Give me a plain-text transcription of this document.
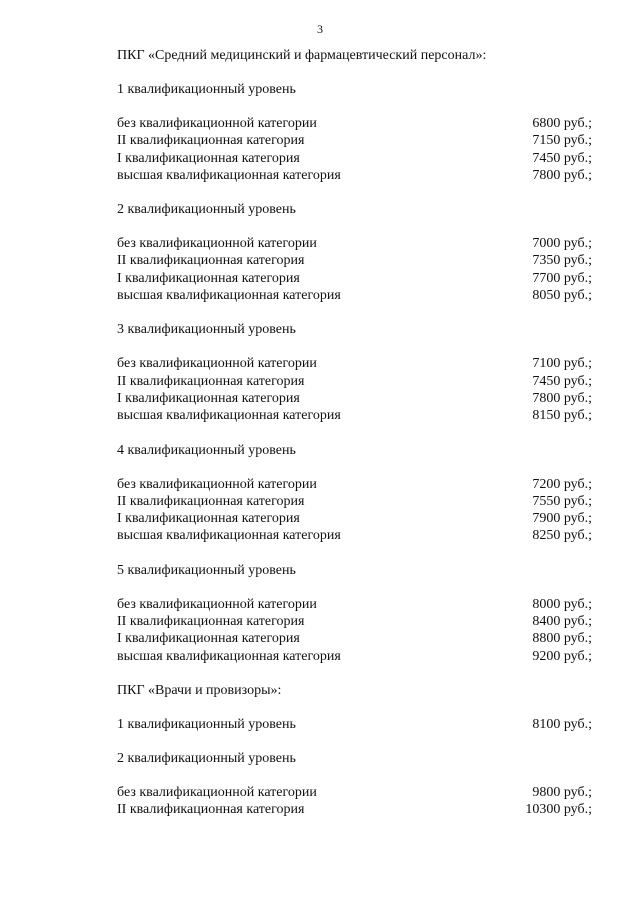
3
ПКГ «Средний медицинский и фармацевтический персонал»:
1 квалификационный уровень
без квалификационной категории	6800 руб.;
II квалификационная категория	7150 руб.;
I квалификационная категория	7450 руб.;
высшая квалификационная категория	7800 руб.;
2 квалификационный уровень
без квалификационной категории	7000 руб.;
II квалификационная категория	7350 руб.;
I квалификационная категория	7700 руб.;
высшая квалификационная категория	8050 руб.;
3 квалификационный уровень
без квалификационной категории	7100 руб.;
II квалификационная категория	7450 руб.;
I квалификационная категория	7800 руб.;
высшая квалификационная категория	8150 руб.;
4 квалификационный уровень
без квалификационной категории	7200 руб.;
II квалификационная категория	7550 руб.;
I квалификационная категория	7900 руб.;
высшая квалификационная категория	8250 руб.;
5 квалификационный уровень
без квалификационной категории	8000 руб.;
II квалификационная категория	8400 руб.;
I квалификационная категория	8800 руб.;
высшая квалификационная категория	9200 руб.;
ПКГ «Врачи и провизоры»:
1 квалификационный уровень	8100 руб.;
2 квалификационный уровень
без квалификационной категории	9800 руб.;
II квалификационная категория	10300 руб.;
